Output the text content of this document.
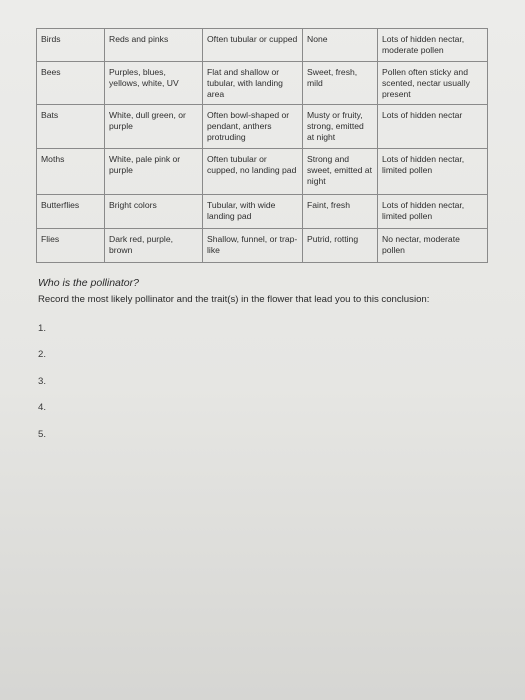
Birds	Reds and pinks	Often tubular or cupped	None	Lots of hidden nectar, moderate pollen
Bees	Purples, blues, yellows, white, UV	Flat and shallow or tubular, with landing area	Sweet, fresh, mild	Pollen often sticky and scented, nectar usually present
Bats	White, dull green, or purple	Often bowl-shaped or pendant, anthers protruding	Musty or fruity, strong, emitted at night	Lots of hidden nectar
Moths	White, pale pink or purple	Often tubular or cupped, no landing pad	Strong and sweet, emitted at night	Lots of hidden nectar, limited pollen
Butterflies	Bright colors	Tubular, with wide landing pad	Faint, fresh	Lots of hidden nectar, limited pollen
Flies	Dark red, purple, brown	Shallow, funnel, or trap-like	Putrid, rotting	No nectar, moderate pollen
Who is the pollinator?
Record the most likely pollinator and the trait(s) in the flower that lead you to this conclusion:
1.
2.
3.
4.
5.
